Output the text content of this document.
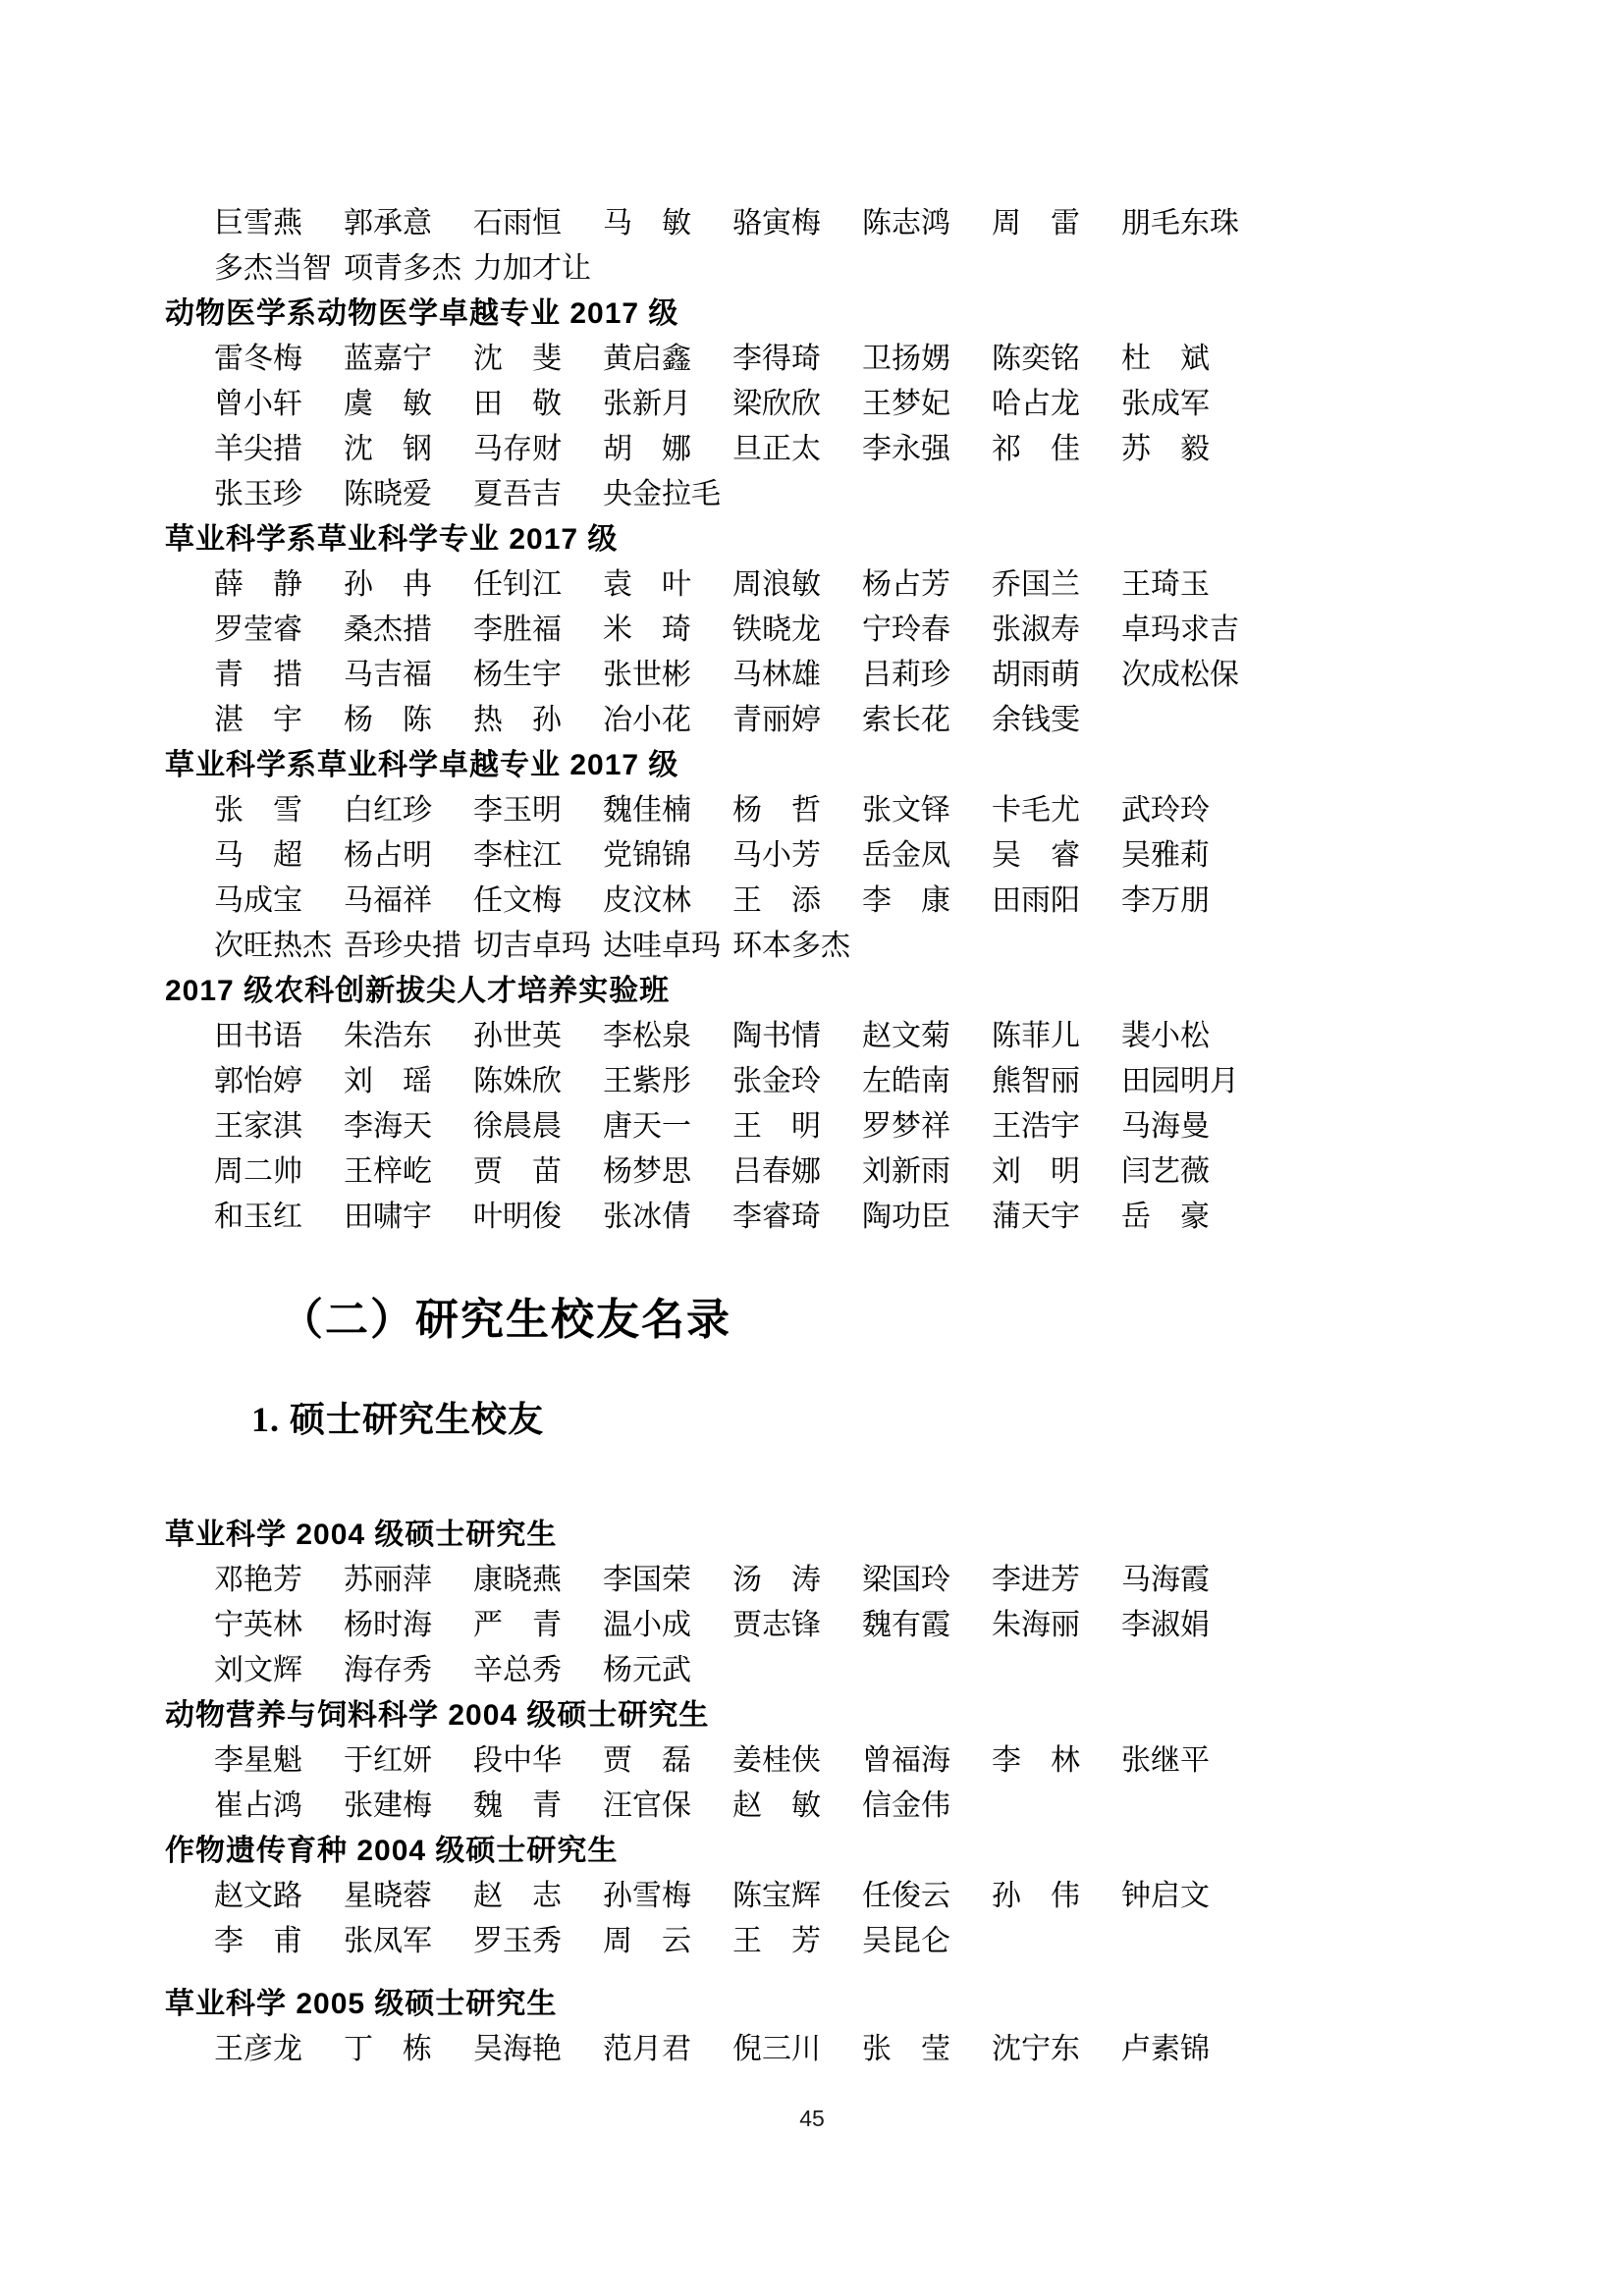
巨雪燕 郭承意 石雨恒 马　敏 骆寅梅 陈志鸿 周　雷 朋毛东珠
多杰当智 项青多杰 力加才让
动物医学系动物医学卓越专业 2017 级
雷冬梅 蓝嘉宁 沈　斐 黄启鑫 李得琦 卫扬娚 陈奕铭 杜　斌
曾小轩 虞　敏 田　敬 张新月 梁欣欣 王梦妃 哈占龙 张成军
羊尖措 沈　钢 马存财 胡　娜 旦正太 李永强 祁　佳 苏　毅
张玉珍 陈晓爱 夏吾吉 央金拉毛
草业科学系草业科学专业 2017 级
薛　静 孙　冉 任钊江 袁　叶 周浪敏 杨占芳 乔国兰 王琦玉
罗莹睿 桑杰措 李胜福 米　琦 铁晓龙 宁玲春 张淑寿 卓玛求吉
青　措 马吉福 杨生宇 张世彬 马林雄 吕莉珍 胡雨萌 次成松保
湛　宇 杨　陈 热　孙 冶小花 青丽婷 索长花 余钱雯
草业科学系草业科学卓越专业 2017 级
张　雪 白红珍 李玉明 魏佳楠 杨　哲 张文铎 卡毛尤 武玲玲
马　超 杨占明 李柱江 党锦锦 马小芳 岳金凤 吴　睿 吴雅莉
马成宝 马福祥 任文梅 皮汶林 王　添 李　康 田雨阳 李万朋
次旺热杰 吾珍央措 切吉卓玛 达哇卓玛 环本多杰
2017 级农科创新拔尖人才培养实验班
田书语 朱浩东 孙世英 李松泉 陶书情 赵文菊 陈菲儿 裴小松
郭怡婷 刘　瑶 陈姝欣 王紫彤 张金玲 左皓南 熊智丽 田园明月
王家淇 李海天 徐晨晨 唐天一 王　明 罗梦祥 王浩宇 马海曼
周二帅 王梓屹 贾　苗 杨梦思 吕春娜 刘新雨 刘　明 闫艺薇
和玉红 田啸宇 叶明俊 张冰倩 李睿琦 陶功臣 蒲天宇 岳　豪
（二）研究生校友名录
1. 硕士研究生校友
草业科学 2004 级硕士研究生
邓艳芳 苏丽萍 康晓燕 李国荣 汤　涛 梁国玲 李进芳 马海霞
宁英林 杨时海 严　青 温小成 贾志锋 魏有霞 朱海丽 李淑娟
刘文辉 海存秀 辛总秀 杨元武
动物营养与饲料科学 2004 级硕士研究生
李星魁 于红妍 段中华 贾　磊 姜桂侠 曾福海 李　林 张继平
崔占鸿 张建梅 魏　青 汪官保 赵　敏 信金伟
作物遗传育种 2004 级硕士研究生
赵文路 星晓蓉 赵　志 孙雪梅 陈宝辉 任俊云 孙　伟 钟启文
李　甫 张凤军 罗玉秀 周　云 王　芳 吴昆仑
草业科学 2005 级硕士研究生
王彦龙 丁　栋 吴海艳 范月君 倪三川 张　莹 沈宁东 卢素锦
45
